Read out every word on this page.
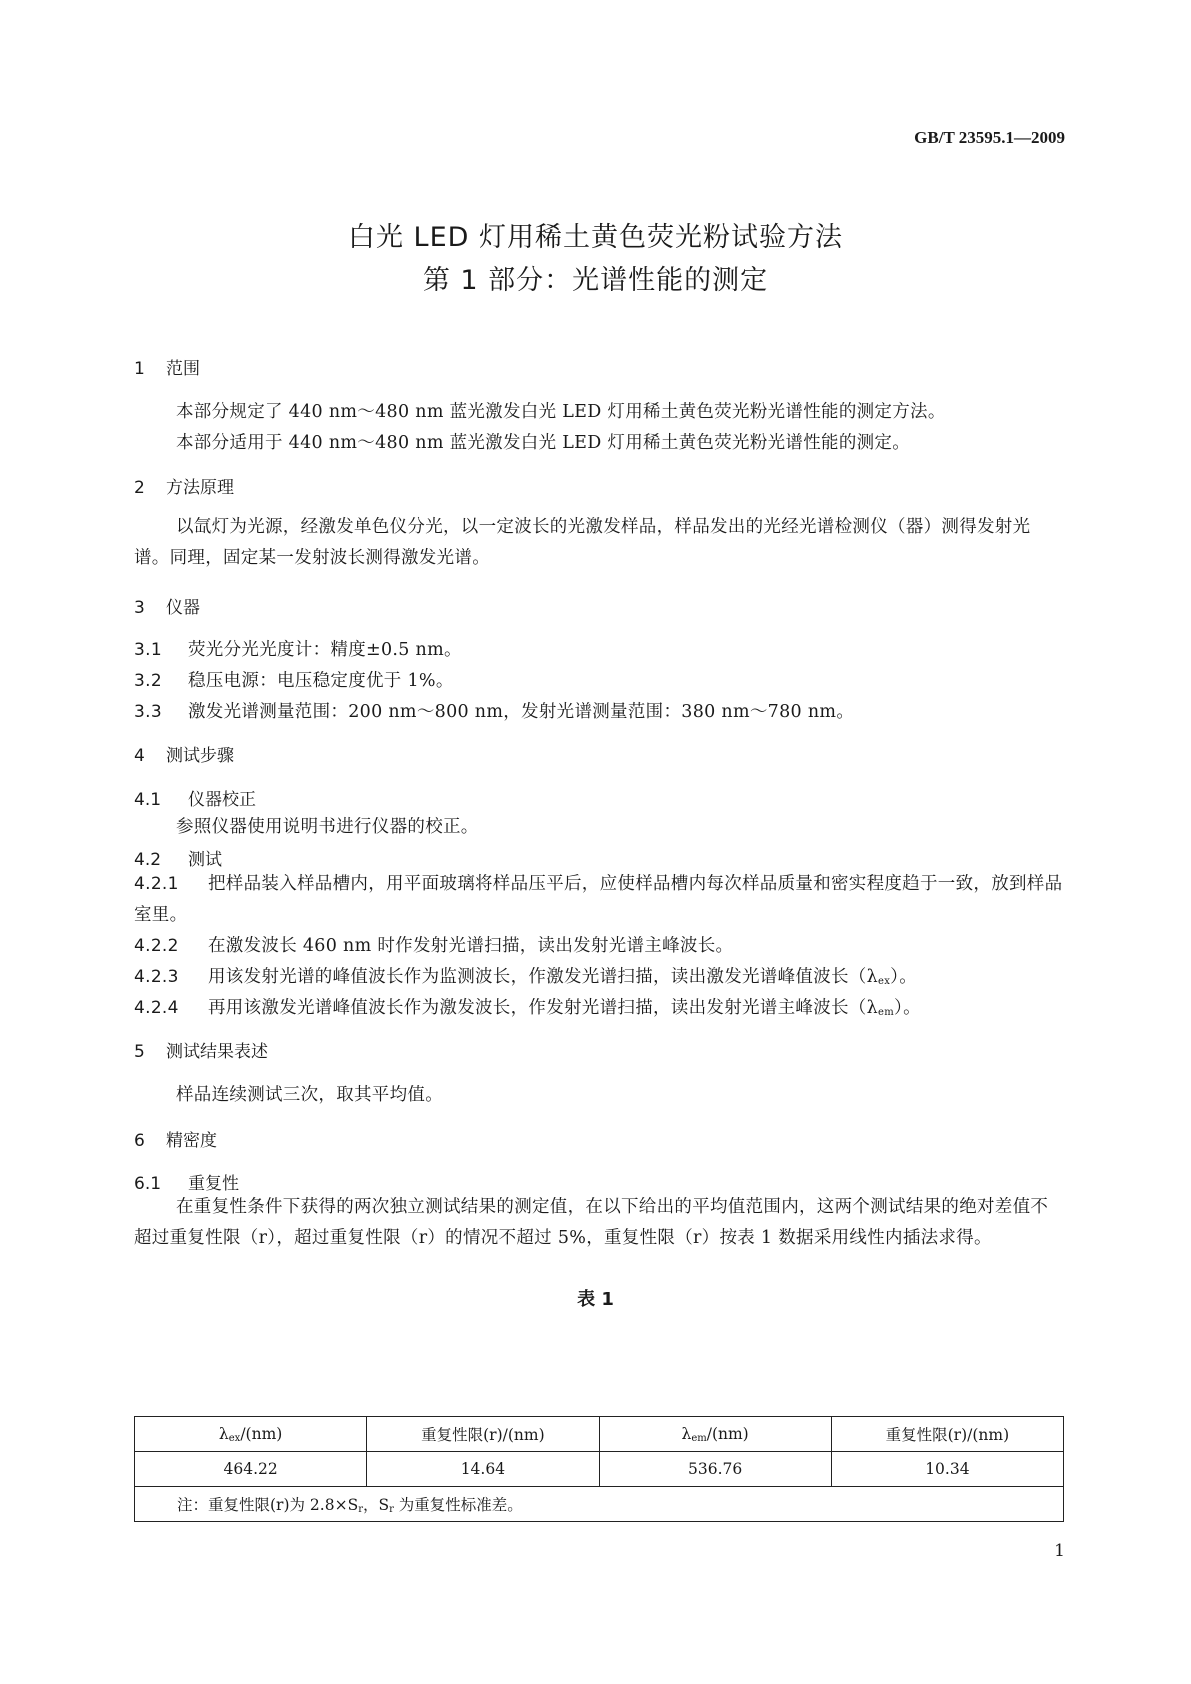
GB/T 23595.1—2009
白光 LED 灯用稀土黄色荧光粉试验方法
第 1 部分：光谱性能的测定
1 范围
本部分规定了 440 nm～480 nm 蓝光激发白光 LED 灯用稀土黄色荧光粉光谱性能的测定方法。
本部分适用于 440 nm～480 nm 蓝光激发白光 LED 灯用稀土黄色荧光粉光谱性能的测定。
2 方法原理
以氙灯为光源，经激发单色仪分光，以一定波长的光激发样品，样品发出的光经光谱检测仪（器）测得发射光谱。同理，固定某一发射波长测得激发光谱。
3 仪器
3.1 荧光分光光度计：精度±0.5 nm。
3.2 稳压电源：电压稳定度优于 1%。
3.3 激发光谱测量范围：200 nm～800 nm，发射光谱测量范围：380 nm～780 nm。
4 测试步骤
4.1 仪器校正
参照仪器使用说明书进行仪器的校正。
4.2 测试
4.2.1 把样品装入样品槽内，用平面玻璃将样品压平后，应使样品槽内每次样品质量和密实程度趋于一致，放到样品室里。
4.2.2 在激发波长 460 nm 时作发射光谱扫描，读出发射光谱主峰波长。
4.2.3 用该发射光谱的峰值波长作为监测波长，作激发光谱扫描，读出激发光谱峰值波长$(\lambda_{ex})$。
4.2.4 再用该激发光谱峰值波长作为激发波长，作发射光谱扫描，读出发射光谱主峰波长$(\lambda_{em})$。
5 测试结果表述
样品连续测试三次，取其平均值。
6 精密度
6.1 重复性
在重复性条件下获得的两次独立测试结果的测定值，在以下给出的平均值范围内，这两个测试结果的绝对差值不超过重复性限（r），超过重复性限（r）的情况不超过 5%，重复性限（r）按表 1 数据采用线性内插法求得。
表 1
$\lambda_{ex}/(nm)$	重复性限(r)/(nm)	$\lambda_{em}/(nm)$	重复性限(r)/(nm)
464.22	14.64	536.76	10.34
注：重复性限(r)为 $2.8\times S_r$，$S_r$ 为重复性标准差。			
1
